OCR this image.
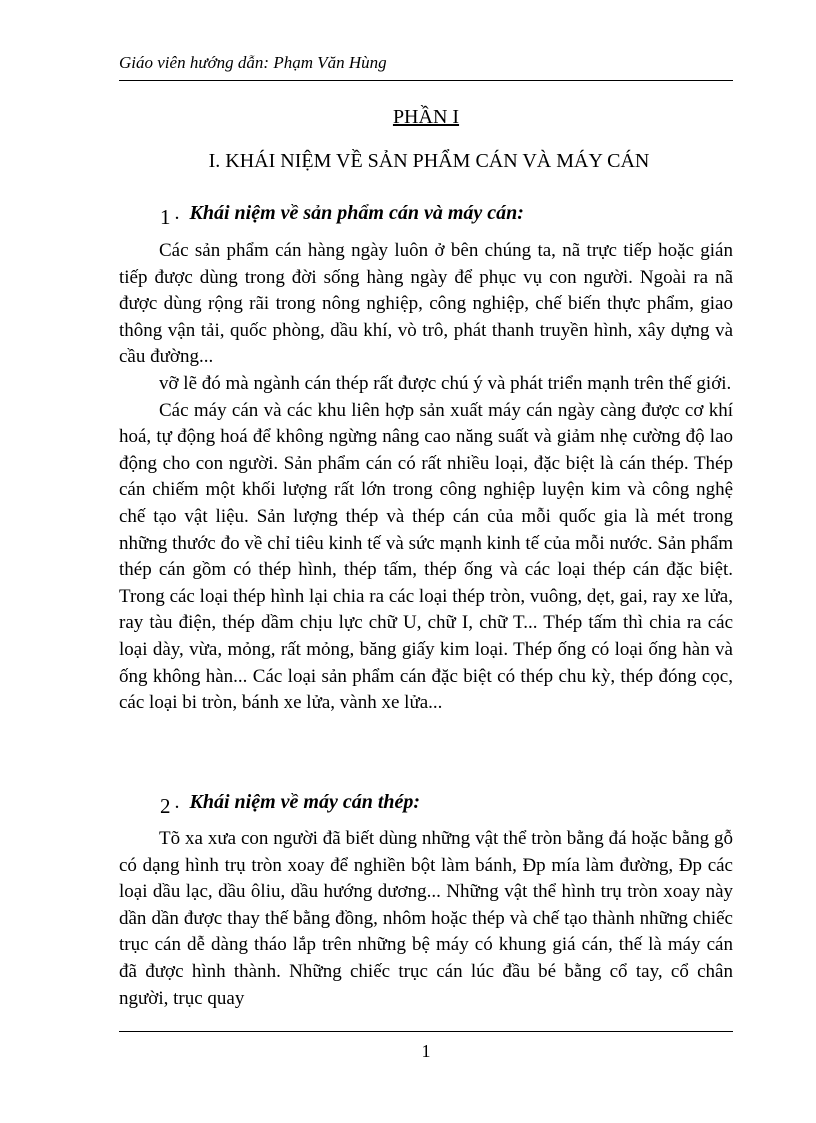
Giáo viên hướng dẫn: Phạm Văn Hùng
PHẦN I
I. KHÁI NIỆM VỀ SẢN PHẨM CÁN VÀ MÁY CÁN
1 . Khái niệm về sản phẩm cán và máy cán:

Các sản phẩm cán hàng ngày luôn ở bên chúng ta, nã trực tiếp hoặc gián tiếp được dùng trong đời sống hàng ngày để phục vụ con người. Ngoài ra nã được dùng rộng rãi trong nông nghiệp, công nghiệp, chế biến thực phẩm, giao thông vận tải, quốc phòng, dầu khí, vò trô, phát thanh truyền hình, xây dựng và cầu đường...

vỡ lẽ đó mà ngành cán thép rất được chú ý và phát triển mạnh trên thế giới.

Các máy cán và các khu liên hợp sản xuất máy cán ngày càng được cơ khí hoá, tự động hoá để không ngừng nâng cao năng suất và giảm nhẹ cường độ lao động cho con người. Sản phẩm cán có rất nhiều loại, đặc biệt là cán thép. Thép cán chiếm một khối lượng rất lớn trong công nghiệp luyện kim và công nghệ chế tạo vật liệu. Sản lượng thép và thép cán của mỗi quốc gia là mét trong những thước đo về chỉ tiêu kinh tế và sức mạnh kinh tế của mỗi nước. Sản phẩm thép cán gồm có thép hình, thép tấm, thép ống và các loại thép cán đặc biệt. Trong các loại thép hình lại chia ra các loại thép tròn, vuông, dẹt, gai, ray xe lửa, ray tàu điện, thép dầm chịu lực chữ U, chữ I, chữ T... Thép tấm thì chia ra các loại dày, vừa, mỏng, rất mỏng, băng giấy kim loại. Thép ống có loại ống hàn và ống không hàn... Các loại sản phẩm cán đặc biệt có thép chu kỳ, thép đóng cọc, các loại bi tròn, bánh xe lửa, vành xe lửa...

2 . Khái niệm về máy cán thép:

Tõ xa xưa con người đã biết dùng những vật thể tròn bằng đá hoặc bằng gỗ có dạng hình trụ tròn xoay để nghiền bột làm bánh, Đp mía làm đường, Đp các loại dầu lạc, dầu ôliu, dầu hướng dương... Những vật thể hình trụ tròn xoay này dần dần được thay thế bằng đồng, nhôm hoặc thép và chế tạo thành những chiếc trục cán dễ dàng tháo lắp trên những bệ máy có khung giá cán, thế là máy cán đã được hình thành. Những chiếc trục cán lúc đầu bé bằng cổ tay, cổ chân người, trục quay

1
